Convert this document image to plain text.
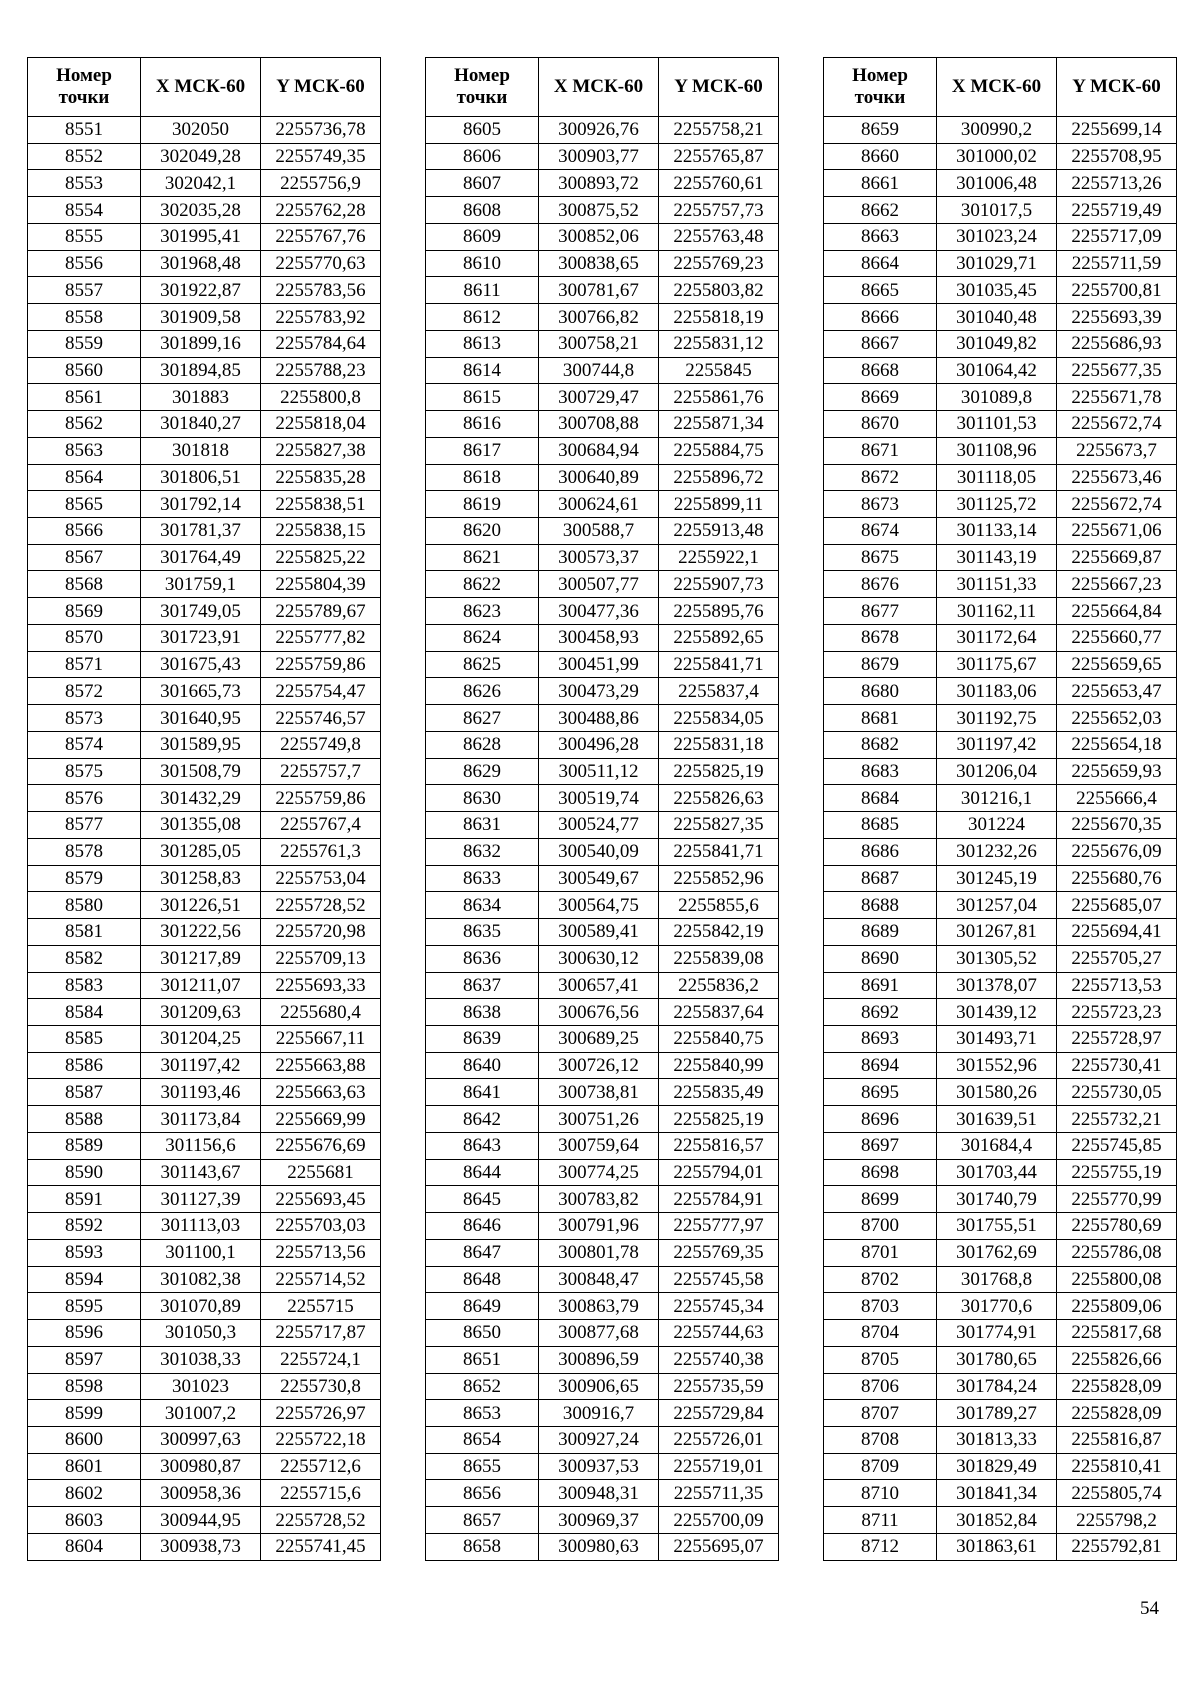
Номер
точки	X МСК-60	Y МСК-60
8551	302050	2255736,78
8552	302049,28	2255749,35
8553	302042,1	2255756,9
8554	302035,28	2255762,28
8555	301995,41	2255767,76
8556	301968,48	2255770,63
8557	301922,87	2255783,56
8558	301909,58	2255783,92
8559	301899,16	2255784,64
8560	301894,85	2255788,23
8561	301883	2255800,8
8562	301840,27	2255818,04
8563	301818	2255827,38
8564	301806,51	2255835,28
8565	301792,14	2255838,51
8566	301781,37	2255838,15
8567	301764,49	2255825,22
8568	301759,1	2255804,39
8569	301749,05	2255789,67
8570	301723,91	2255777,82
8571	301675,43	2255759,86
8572	301665,73	2255754,47
8573	301640,95	2255746,57
8574	301589,95	2255749,8
8575	301508,79	2255757,7
8576	301432,29	2255759,86
8577	301355,08	2255767,4
8578	301285,05	2255761,3
8579	301258,83	2255753,04
8580	301226,51	2255728,52
8581	301222,56	2255720,98
8582	301217,89	2255709,13
8583	301211,07	2255693,33
8584	301209,63	2255680,4
8585	301204,25	2255667,11
8586	301197,42	2255663,88
8587	301193,46	2255663,63
8588	301173,84	2255669,99
8589	301156,6	2255676,69
8590	301143,67	2255681
8591	301127,39	2255693,45
8592	301113,03	2255703,03
8593	301100,1	2255713,56
8594	301082,38	2255714,52
8595	301070,89	2255715
8596	301050,3	2255717,87
8597	301038,33	2255724,1
8598	301023	2255730,8
8599	301007,2	2255726,97
8600	300997,63	2255722,18
8601	300980,87	2255712,6
8602	300958,36	2255715,6
8603	300944,95	2255728,52
8604	300938,73	2255741,45
Номер
точки	X МСК-60	Y МСК-60
8605	300926,76	2255758,21
8606	300903,77	2255765,87
8607	300893,72	2255760,61
8608	300875,52	2255757,73
8609	300852,06	2255763,48
8610	300838,65	2255769,23
8611	300781,67	2255803,82
8612	300766,82	2255818,19
8613	300758,21	2255831,12
8614	300744,8	2255845
8615	300729,47	2255861,76
8616	300708,88	2255871,34
8617	300684,94	2255884,75
8618	300640,89	2255896,72
8619	300624,61	2255899,11
8620	300588,7	2255913,48
8621	300573,37	2255922,1
8622	300507,77	2255907,73
8623	300477,36	2255895,76
8624	300458,93	2255892,65
8625	300451,99	2255841,71
8626	300473,29	2255837,4
8627	300488,86	2255834,05
8628	300496,28	2255831,18
8629	300511,12	2255825,19
8630	300519,74	2255826,63
8631	300524,77	2255827,35
8632	300540,09	2255841,71
8633	300549,67	2255852,96
8634	300564,75	2255855,6
8635	300589,41	2255842,19
8636	300630,12	2255839,08
8637	300657,41	2255836,2
8638	300676,56	2255837,64
8639	300689,25	2255840,75
8640	300726,12	2255840,99
8641	300738,81	2255835,49
8642	300751,26	2255825,19
8643	300759,64	2255816,57
8644	300774,25	2255794,01
8645	300783,82	2255784,91
8646	300791,96	2255777,97
8647	300801,78	2255769,35
8648	300848,47	2255745,58
8649	300863,79	2255745,34
8650	300877,68	2255744,63
8651	300896,59	2255740,38
8652	300906,65	2255735,59
8653	300916,7	2255729,84
8654	300927,24	2255726,01
8655	300937,53	2255719,01
8656	300948,31	2255711,35
8657	300969,37	2255700,09
8658	300980,63	2255695,07
Номер
точки	X МСК-60	Y МСК-60
8659	300990,2	2255699,14
8660	301000,02	2255708,95
8661	301006,48	2255713,26
8662	301017,5	2255719,49
8663	301023,24	2255717,09
8664	301029,71	2255711,59
8665	301035,45	2255700,81
8666	301040,48	2255693,39
8667	301049,82	2255686,93
8668	301064,42	2255677,35
8669	301089,8	2255671,78
8670	301101,53	2255672,74
8671	301108,96	2255673,7
8672	301118,05	2255673,46
8673	301125,72	2255672,74
8674	301133,14	2255671,06
8675	301143,19	2255669,87
8676	301151,33	2255667,23
8677	301162,11	2255664,84
8678	301172,64	2255660,77
8679	301175,67	2255659,65
8680	301183,06	2255653,47
8681	301192,75	2255652,03
8682	301197,42	2255654,18
8683	301206,04	2255659,93
8684	301216,1	2255666,4
8685	301224	2255670,35
8686	301232,26	2255676,09
8687	301245,19	2255680,76
8688	301257,04	2255685,07
8689	301267,81	2255694,41
8690	301305,52	2255705,27
8691	301378,07	2255713,53
8692	301439,12	2255723,23
8693	301493,71	2255728,97
8694	301552,96	2255730,41
8695	301580,26	2255730,05
8696	301639,51	2255732,21
8697	301684,4	2255745,85
8698	301703,44	2255755,19
8699	301740,79	2255770,99
8700	301755,51	2255780,69
8701	301762,69	2255786,08
8702	301768,8	2255800,08
8703	301770,6	2255809,06
8704	301774,91	2255817,68
8705	301780,65	2255826,66
8706	301784,24	2255828,09
8707	301789,27	2255828,09
8708	301813,33	2255816,87
8709	301829,49	2255810,41
8710	301841,34	2255805,74
8711	301852,84	2255798,2
8712	301863,61	2255792,81
54
